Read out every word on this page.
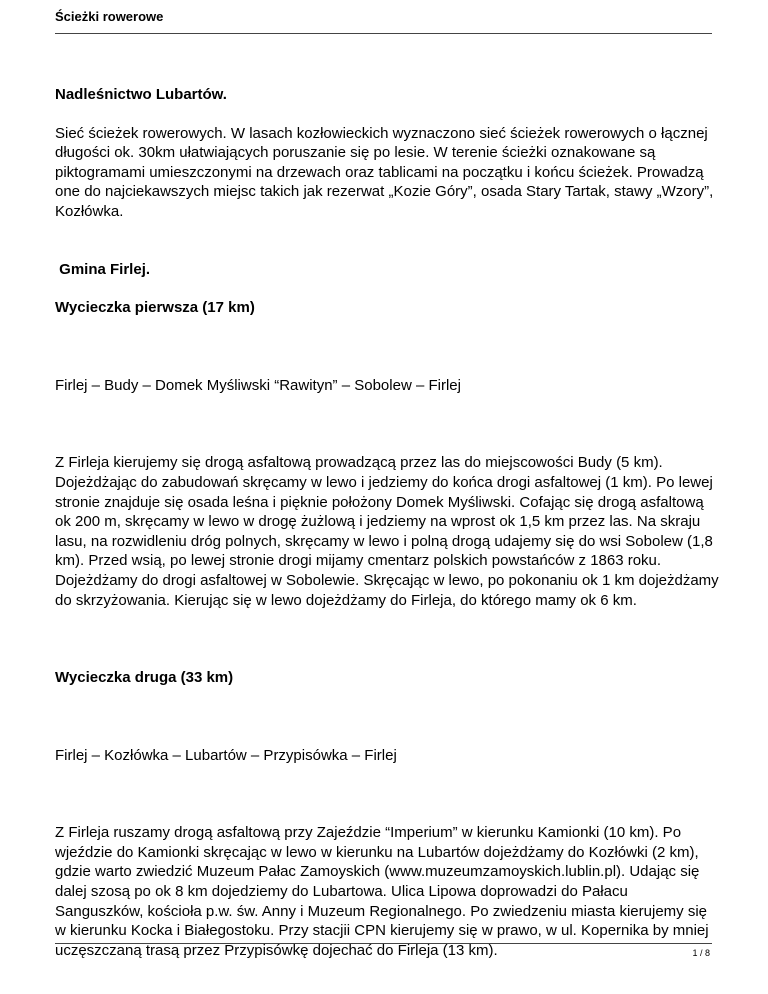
Ścieżki rowerowe

Nadleśnictwo Lubartów.

Sieć ścieżek rowerowych. W lasach kozłowieckich wyznaczono sieć ścieżek rowerowych o łącznej długości ok. 30km ułatwiających poruszanie się po lesie. W terenie ścieżki oznakowane są piktogramami umieszczonymi na drzewach oraz tablicami na początku i końcu ścieżek. Prowadzą one do najciekawszych miejsc takich jak rezerwat „Kozie Góry”, osada Stary Tartak, stawy „Wzory”, Kozłówka.

Gmina Firlej.

Wycieczka pierwsza (17 km)

Firlej – Budy – Domek Myśliwski “Rawityn” – Sobolew – Firlej

Z Firleja kierujemy się drogą asfaltową prowadzącą przez las do miejscowości Budy (5 km). Dojeżdżając do zabudowań skręcamy w lewo i jedziemy do końca drogi asfaltowej (1 km). Po lewej stronie znajduje się osada leśna i pięknie położony Domek Myśliwski. Cofając się drogą asfaltową ok 200 m, skręcamy w lewo w drogę żużlową i jedziemy na wprost ok 1,5 km przez las. Na skraju lasu, na rozwidleniu dróg polnych, skręcamy w lewo i polną drogą udajemy się do wsi Sobolew (1,8 km). Przed wsią, po lewej stronie drogi mijamy cmentarz polskich powstańców z 1863 roku. Dojeżdżamy do drogi asfaltowej w Sobolewie. Skręcając w lewo, po pokonaniu ok 1 km dojeżdżamy do skrzyżowania. Kierując się w lewo dojeżdżamy do Firleja, do którego mamy ok 6 km.

Wycieczka druga (33 km)

Firlej – Kozłówka – Lubartów – Przypisówka – Firlej

Z Firleja ruszamy drogą asfaltową przy Zajeździe “Imperium” w kierunku Kamionki (10 km). Po wjeździe do Kamionki skręcając w lewo w kierunku na Lubartów dojeżdżamy do Kozłówki (2 km), gdzie warto zwiedzić Muzeum Pałac Zamoyskich (www.muzeumzamoyskich.lublin.pl). Udając się dalej szosą po ok 8 km dojedziemy do Lubartowa. Ulica Lipowa doprowadzi do Pałacu Sanguszków, kościoła p.w. św. Anny i Muzeum Regionalnego. Po zwiedzeniu miasta kierujemy się w kierunku Kocka i Białegostoku. Przy stacjii CPN kierujemy się w prawo, w ul. Kopernika by mniej uczęszczaną trasą przez Przypisówkę dojechać do Firleja (13 km).	1 / 8
